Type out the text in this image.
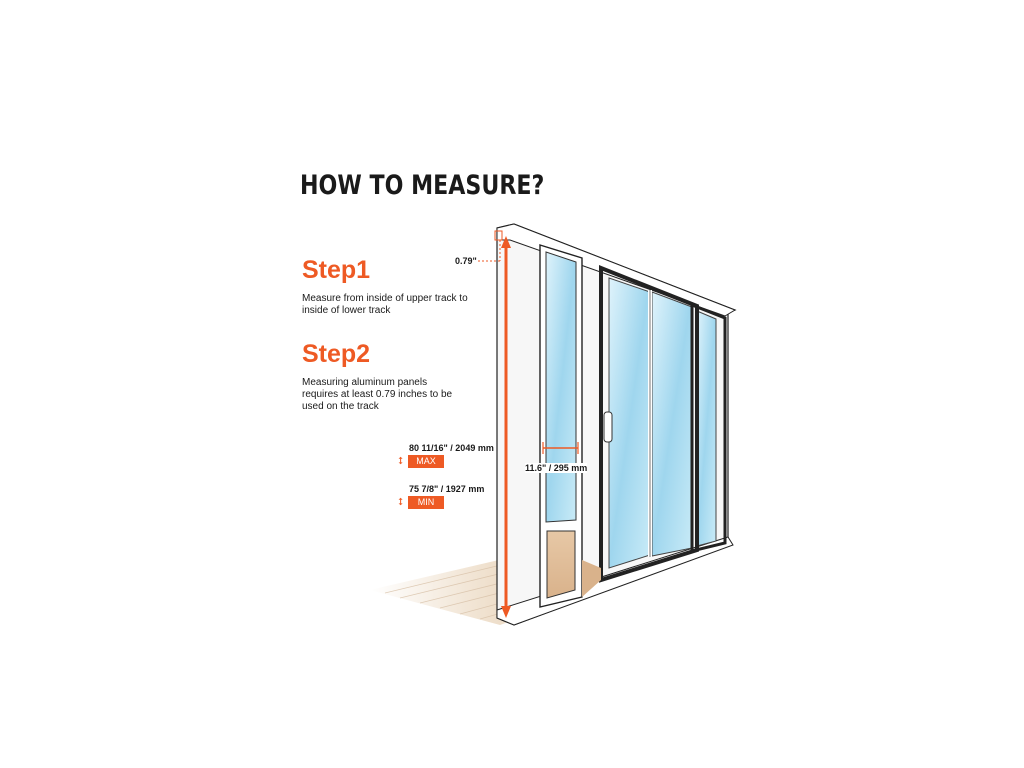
HOW TO MEASURE?
0.79"
Step1
Measure from inside of upper track to inside of lower track
Step2
Measuring aluminum panels requires at least 0.79 inches to be used on the track
80 11/16" / 2049 mm
⭥	MAX
75 7/8" / 1927 mm
⭥	MIN
11.6" / 295 mm
